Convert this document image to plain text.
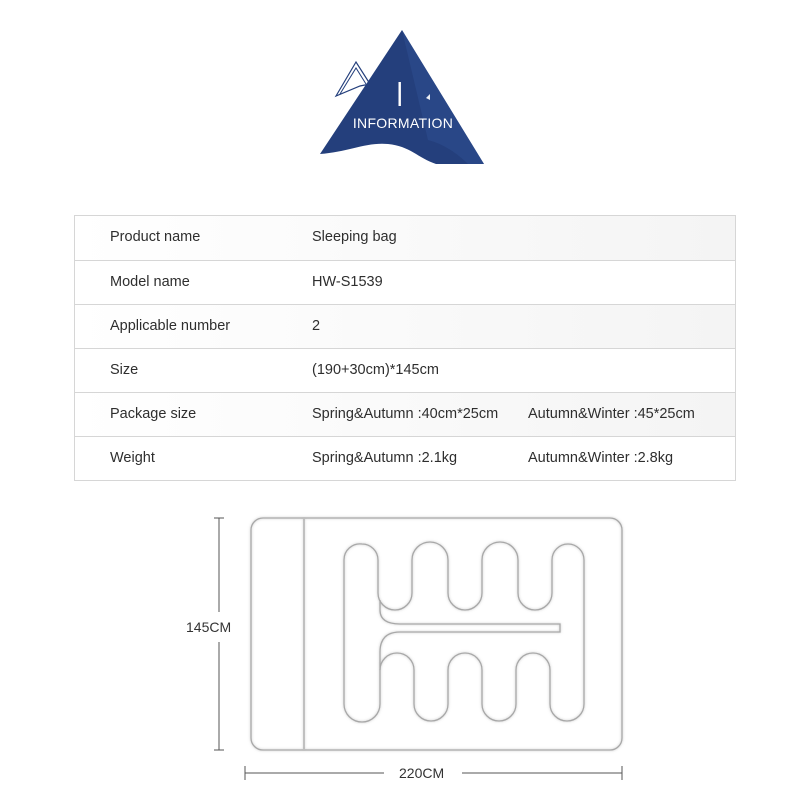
INFORMATION
Product name	Sleeping bag
Model name	HW-S1539
Applicable number	2
Size	(190+30cm)*145cm
Package size	Spring&Autumn :40cm*25cm Autumn&Winter :45*25cm
Weight	Spring&Autumn :2.1kg	Autumn&Winter :2.8kg
145CM
220CM
